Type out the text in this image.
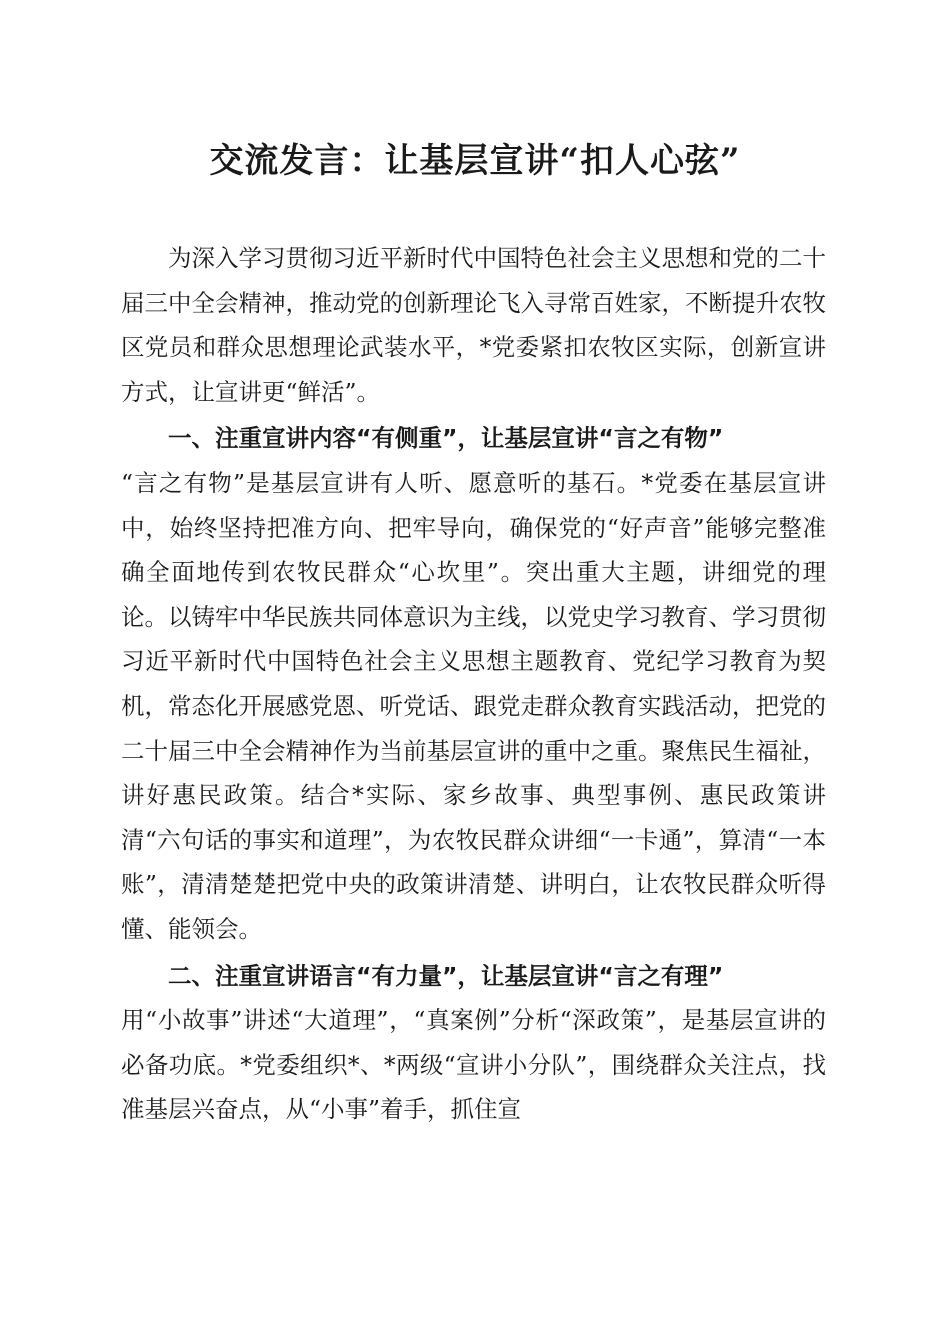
交流发言：让基层宣讲“扣人心弦”

为深入学习贯彻习近平新时代中国特色社会主义思想和党的二十届三中全会精神，推动党的创新理论飞入寻常百姓家，不断提升农牧区党员和群众思想理论武装水平，*党委紧扣农牧区实际，创新宣讲方式，让宣讲更“鲜活”。

一、注重宣讲内容“有侧重”，让基层宣讲“言之有物”

“言之有物”是基层宣讲有人听、愿意听的基石。*党委在基层宣讲中，始终坚持把准方向、把牢导向，确保党的“好声音”能够完整准确全面地传到农牧民群众“心坎里”。突出重大主题，讲细党的理论。以铸牢中华民族共同体意识为主线，以党史学习教育、学习贯彻习近平新时代中国特色社会主义思想主题教育、党纪学习教育为契机，常态化开展感党恩、听党话、跟党走群众教育实践活动，把党的二十届三中全会精神作为当前基层宣讲的重中之重。聚焦民生福祉，讲好惠民政策。结合*实际、家乡故事、典型事例、惠民政策讲清“六句话的事实和道理”，为农牧民群众讲细“一卡通”，算清“一本账”，清清楚楚把党中央的政策讲清楚、讲明白，让农牧民群众听得懂、能领会。

二、注重宣讲语言“有力量”，让基层宣讲“言之有理”

用“小故事”讲述“大道理”，“真案例”分析“深政策”，是基层宣讲的必备功底。*党委组织*、*两级“宣讲小分队”，围绕群众关注点，找准基层兴奋点，从“小事”着手，抓住宣
